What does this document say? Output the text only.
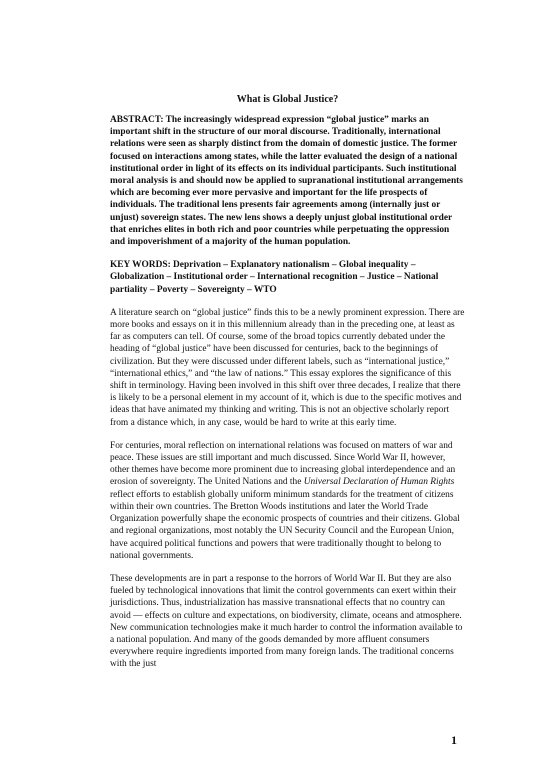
What is Global Justice?

ABSTRACT: The increasingly widespread expression “global justice” marks an important shift in the structure of our moral discourse. Traditionally, international relations were seen as sharply distinct from the domain of domestic justice. The former focused on interactions among states, while the latter evaluated the design of a national institutional order in light of its effects on its individual participants. Such institutional moral analysis is and should now be applied to supranational institutional arrangements which are becoming ever more pervasive and important for the life prospects of individuals. The traditional lens presents fair agreements among (internally just or unjust) sovereign states. The new lens shows a deeply unjust global institutional order that enriches elites in both rich and poor countries while perpetuating the oppression and impoverishment of a majority of the human population.

KEY WORDS: Deprivation – Explanatory nationalism – Global inequality – Globalization – Institutional order – International recognition – Justice – National partiality – Poverty – Sovereignty – WTO

A literature search on “global justice” finds this to be a newly prominent expression. There are more books and essays on it in this millennium already than in the preceding one, at least as far as computers can tell. Of course, some of the broad topics currently debated under the heading of “global justice” have been discussed for centuries, back to the beginnings of civilization. But they were discussed under different labels, such as “international justice,” “international ethics,” and “the law of nations.” This essay explores the significance of this shift in terminology. Having been involved in this shift over three decades, I realize that there is likely to be a personal element in my account of it, which is due to the specific motives and ideas that have animated my thinking and writing. This is not an objective scholarly report from a distance which, in any case, would be hard to write at this early time.

For centuries, moral reflection on international relations was focused on matters of war and peace. These issues are still important and much discussed. Since World War II, however, other themes have become more prominent due to increasing global interdependence and an erosion of sovereignty. The United Nations and the Universal Declaration of Human Rights reflect efforts to establish globally uniform minimum standards for the treatment of citizens within their own countries. The Bretton Woods institutions and later the World Trade Organization powerfully shape the economic prospects of countries and their citizens. Global and regional organizations, most notably the UN Security Council and the European Union, have acquired political functions and powers that were traditionally thought to belong to national governments.

These developments are in part a response to the horrors of World War II. But they are also fueled by technological innovations that limit the control governments can exert within their jurisdictions. Thus, industrialization has massive transnational effects that no country can avoid — effects on culture and expectations, on biodiversity, climate, oceans and atmosphere. New communication technologies make it much harder to control the information available to a national population. And many of the goods demanded by more affluent consumers everywhere require ingredients imported from many foreign lands. The traditional concerns with the just

1
